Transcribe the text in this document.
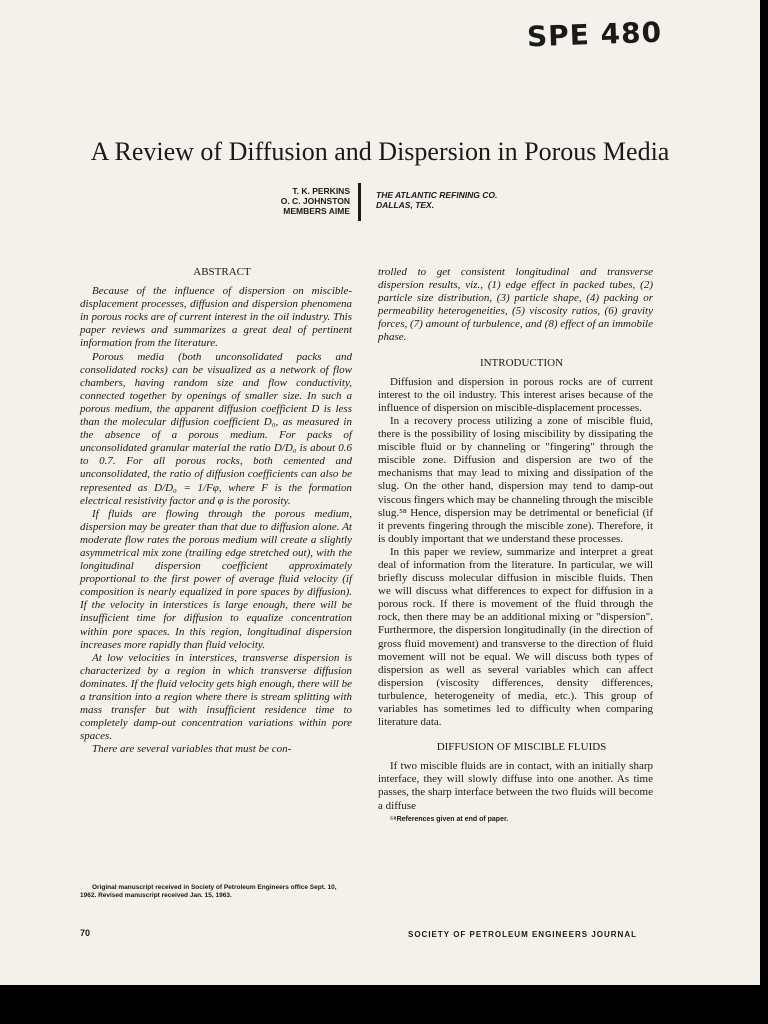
SPE 480
A Review of Diffusion and Dispersion in Porous Media
T. K. PERKINS
O. C. JOHNSTON
MEMBERS AIME
THE ATLANTIC REFINING CO.
DALLAS, TEX.

ABSTRACT

Because of the influence of dispersion on miscible-displacement processes, diffusion and dispersion phenomena in porous rocks are of current interest in the oil industry. This paper reviews and summarizes a great deal of pertinent information from the literature.

Porous media (both unconsolidated packs and consolidated rocks) can be visualized as a network of flow chambers, having random size and flow conductivity, connected together by openings of smaller size. In such a porous medium, the apparent diffusion coefficient D is less than the molecular diffusion coefficient D₀, as measured in the absence of a porous medium. For packs of unconsolidated granular material the ratio D/D₀ is about 0.6 to 0.7. For all porous rocks, both cemented and unconsolidated, the ratio of diffusion coefficients can also be represented as D/D₀ = 1/Fφ, where F is the formation electrical resistivity factor and φ is the porosity.

If fluids are flowing through the porous medium, dispersion may be greater than that due to diffusion alone. At moderate flow rates the porous medium will create a slightly asymmetrical mix zone (trailing edge stretched out), with the longitudinal dispersion coefficient approximately proportional to the first power of average fluid velocity (if composition is nearly equalized in pore spaces by diffusion). If the velocity in interstices is large enough, there will be insufficient time for diffusion to equalize concentration within pore spaces. In this region, longitudinal dispersion increases more rapidly than fluid velocity.

At low velocities in interstices, transverse dispersion is characterized by a region in which transverse diffusion dominates. If the fluid velocity gets high enough, there will be a transition into a region where there is stream splitting with mass transfer but with insufficient residence time to completely damp-out concentration variations within pore spaces.

There are several variables that must be con-

Original manuscript received in Society of Petroleum Engineers office Sept. 10, 1962. Revised manuscript received Jan. 15, 1963.

trolled to get consistent longitudinal and transverse dispersion results, viz., (1) edge effect in packed tubes, (2) particle size distribution, (3) particle shape, (4) packing or permeability heterogeneities, (5) viscosity ratios, (6) gravity forces, (7) amount of turbulence, and (8) effect of an immobile phase.

INTRODUCTION

Diffusion and dispersion in porous rocks are of current interest to the oil industry. This interest arises because of the influence of dispersion on miscible-displacement processes.

In a recovery process utilizing a zone of miscible fluid, there is the possibility of losing miscibility by dissipating the miscible fluid or by channeling or "fingering" through the miscible zone. Diffusion and dispersion are two of the mechanisms that may lead to mixing and dissipation of the slug. On the other hand, dispersion may tend to damp-out viscous fingers which may be channeling through the miscible slug.⁵⁸ Hence, dispersion may be detrimental or beneficial (if it prevents fingering through the miscible zone). Therefore, it is doubly important that we understand these processes.

In this paper we review, summarize and interpret a great deal of information from the literature. In particular, we will briefly discuss molecular diffusion in miscible fluids. Then we will discuss what differences to expect for diffusion in a porous rock. If there is movement of the fluid through the rock, then there may be an additional mixing or "dispersion". Furthermore, the dispersion longitudinally (in the direction of gross fluid movement) and transverse to the direction of fluid movement will not be equal. We will discuss both types of dispersion as well as several variables which can affect dispersion (viscosity differences, density differences, turbulence, heterogeneity of media, etc.). This group of variables has sometimes led to difficulty when comparing literature data.

DIFFUSION OF MISCIBLE FLUIDS

If two miscible fluids are in contact, with an initially sharp interface, they will slowly diffuse into one another. As time passes, the sharp interface between the two fluids will become a diffuse

⁵⁸References given at end of paper.

70	SOCIETY OF PETROLEUM ENGINEERS JOURNAL
